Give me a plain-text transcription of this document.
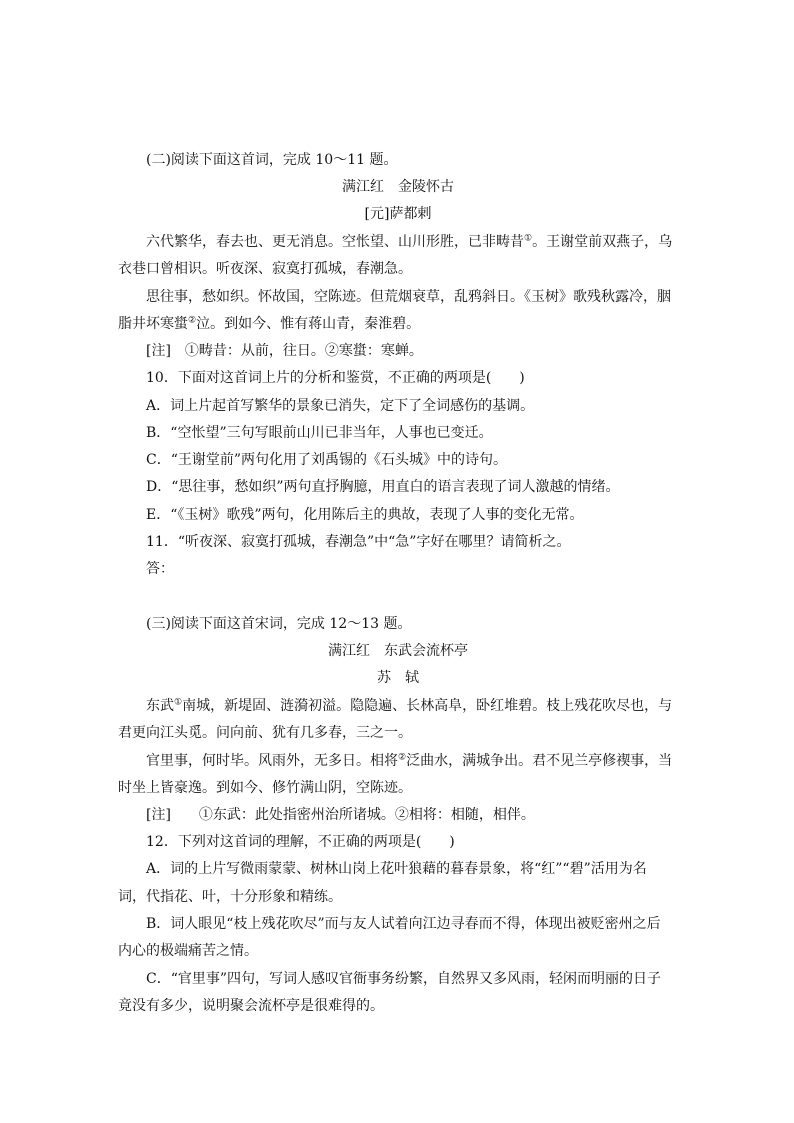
(二)阅读下面这首词，完成 10～11 题。
满江红　金陵怀古
[元]萨都剌
六代繁华，春去也、更无消息。空怅望、山川形胜，已非畴昔①。王谢堂前双燕子，乌
衣巷口曾相识。听夜深、寂寞打孤城，春潮急。
思往事，愁如织。怀故国，空陈迹。但荒烟衰草，乱鸦斜日。《玉树》歌残秋露冷，胭
脂井坏寒螀②泣。到如今、惟有蒋山青，秦淮碧。
[注]　①畴昔：从前，往日。②寒螀：寒蝉。
10．下面对这首词上片的分析和鉴赏，不正确的两项是(　　)
A．词上片起首写繁华的景象已消失，定下了全词感伤的基调。
B．“空怅望”三句写眼前山川已非当年，人事也已变迁。
C．“王谢堂前”两句化用了刘禹锡的《石头城》中的诗句。
D．“思往事，愁如织”两句直抒胸臆，用直白的语言表现了词人激越的情绪。
E．“《玉树》歌残”两句，化用陈后主的典故，表现了人事的变化无常。
11．“听夜深、寂寞打孤城，春潮急”中“急”字好在哪里？请简析之。
答：
(三)阅读下面这首宋词，完成 12～13 题。
满江红　东武会流杯亭
苏　轼
东武①南城，新堤固、涟漪初溢。隐隐遍、长林高阜，卧红堆碧。枝上残花吹尽也，与
君更向江头觅。问向前、犹有几多春，三之一。
官里事，何时毕。风雨外，无多日。相将②泛曲水，满城争出。君不见兰亭修禊事，当
时坐上皆豪逸。到如今、修竹满山阴，空陈迹。
[注]　　①东武：此处指密州治所诸城。②相将：相随，相伴。
12．下列对这首词的理解，不正确的两项是(　　)
A．词的上片写微雨蒙蒙、树林山岗上花叶狼藉的暮春景象，将“红”“碧”活用为名
词，代指花、叶，十分形象和精练。
B．词人眼见“枝上残花吹尽”而与友人试着向江边寻春而不得，体现出被贬密州之后
内心的极端痛苦之情。
C．“官里事”四句，写词人感叹官衙事务纷繁，自然界又多风雨，轻闲而明丽的日子
竟没有多少，说明聚会流杯亭是很难得的。
